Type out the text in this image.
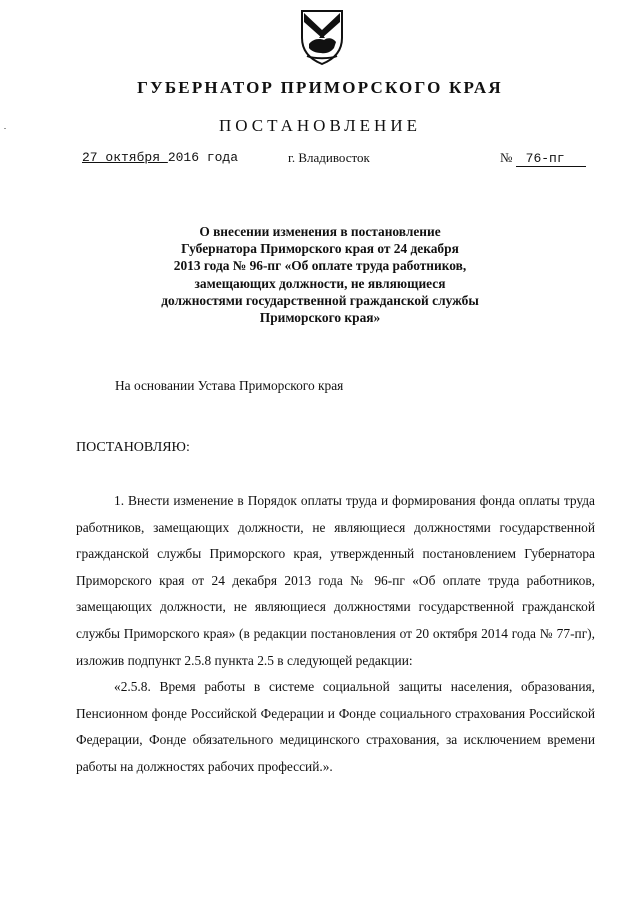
ГУБЕРНАТОР ПРИМОРСКОГО КРАЯ
ПОСТАНОВЛЕНИЕ
27 октября 2016 года	г. Владивосток	№ 76-пг
О внесении изменения в постановление
Губернатора Приморского края от 24 декабря
2013 года № 96-пг «Об оплате труда работников,
замещающих должности, не являющиеся
должностями государственной гражданской службы
Приморского края»
На основании Устава Приморского края
ПОСТАНОВЛЯЮ:

1. Внести изменение в Порядок оплаты труда и формирования фонда оплаты труда работников, замещающих должности, не являющиеся должностями государственной гражданской службы Приморского края, утвержденный постановлением Губернатора Приморского края от 24 декабря 2013 года № 96-пг «Об оплате труда работников, замещающих должности, не являющиеся должностями государственной гражданской службы Приморского края» (в редакции постановления от 20 октября 2014 года № 77-пг), изложив подпункт 2.5.8 пункта 2.5 в следующей редакции:

«2.5.8. Время работы в системе социальной защиты населения, образования, Пенсионном фонде Российской Федерации и Фонде социального страхования Российской Федерации, Фонде обязательного медицинского страхования, за исключением времени работы на должностях рабочих профессий.».
